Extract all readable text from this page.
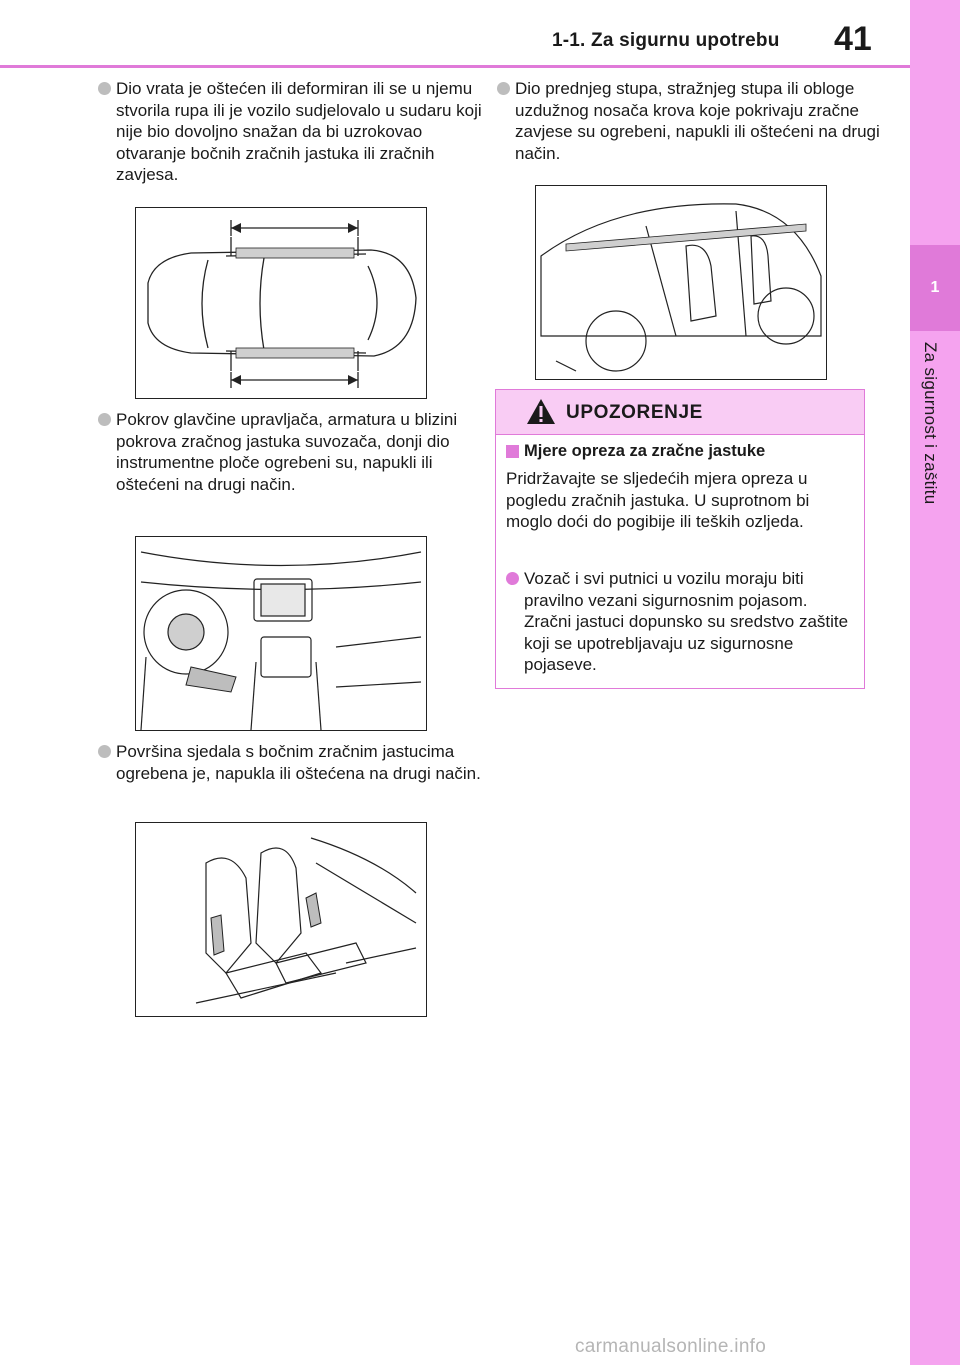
1-1. Za sigurnu upotrebu 41
1
Za sigurnost i zaštitu
Dio vrata je oštećen ili deformiran ili se u njemu stvorila rupa ili je vozilo sudjelovalo u sudaru koji nije bio dovoljno snažan da bi uzrokovao otvaranje bočnih zračnih jastuka ili zračnih zavjesa.
Pokrov glavčine upravljača, armatura u blizini pokrova zračnog jastuka suvozača, donji dio instrumentne ploče ogrebeni su, napukli ili oštećeni na drugi način.
Površina sjedala s bočnim zračnim jastucima ogrebena je, napukla ili oštećena na drugi način.
Dio prednjeg stupa, stražnjeg stupa ili obloge uzdužnog nosača krova koje pokrivaju zračne zavjese su ogrebeni, napukli ili oštećeni na drugi način.
UPOZORENJE
Mjere opreza za zračne jastuke
Pridržavajte se sljedećih mjera opreza u pogledu zračnih jastuka. U suprotnom bi moglo doći do pogibije ili teških ozljeda.
Vozač i svi putnici u vozilu moraju biti pravilno vezani sigurnosnim pojasom. Zračni jastuci dopunsko su sredstvo zaštite koji se upotrebljavaju uz sigurnosne pojaseve.
carmanualsonline.info
